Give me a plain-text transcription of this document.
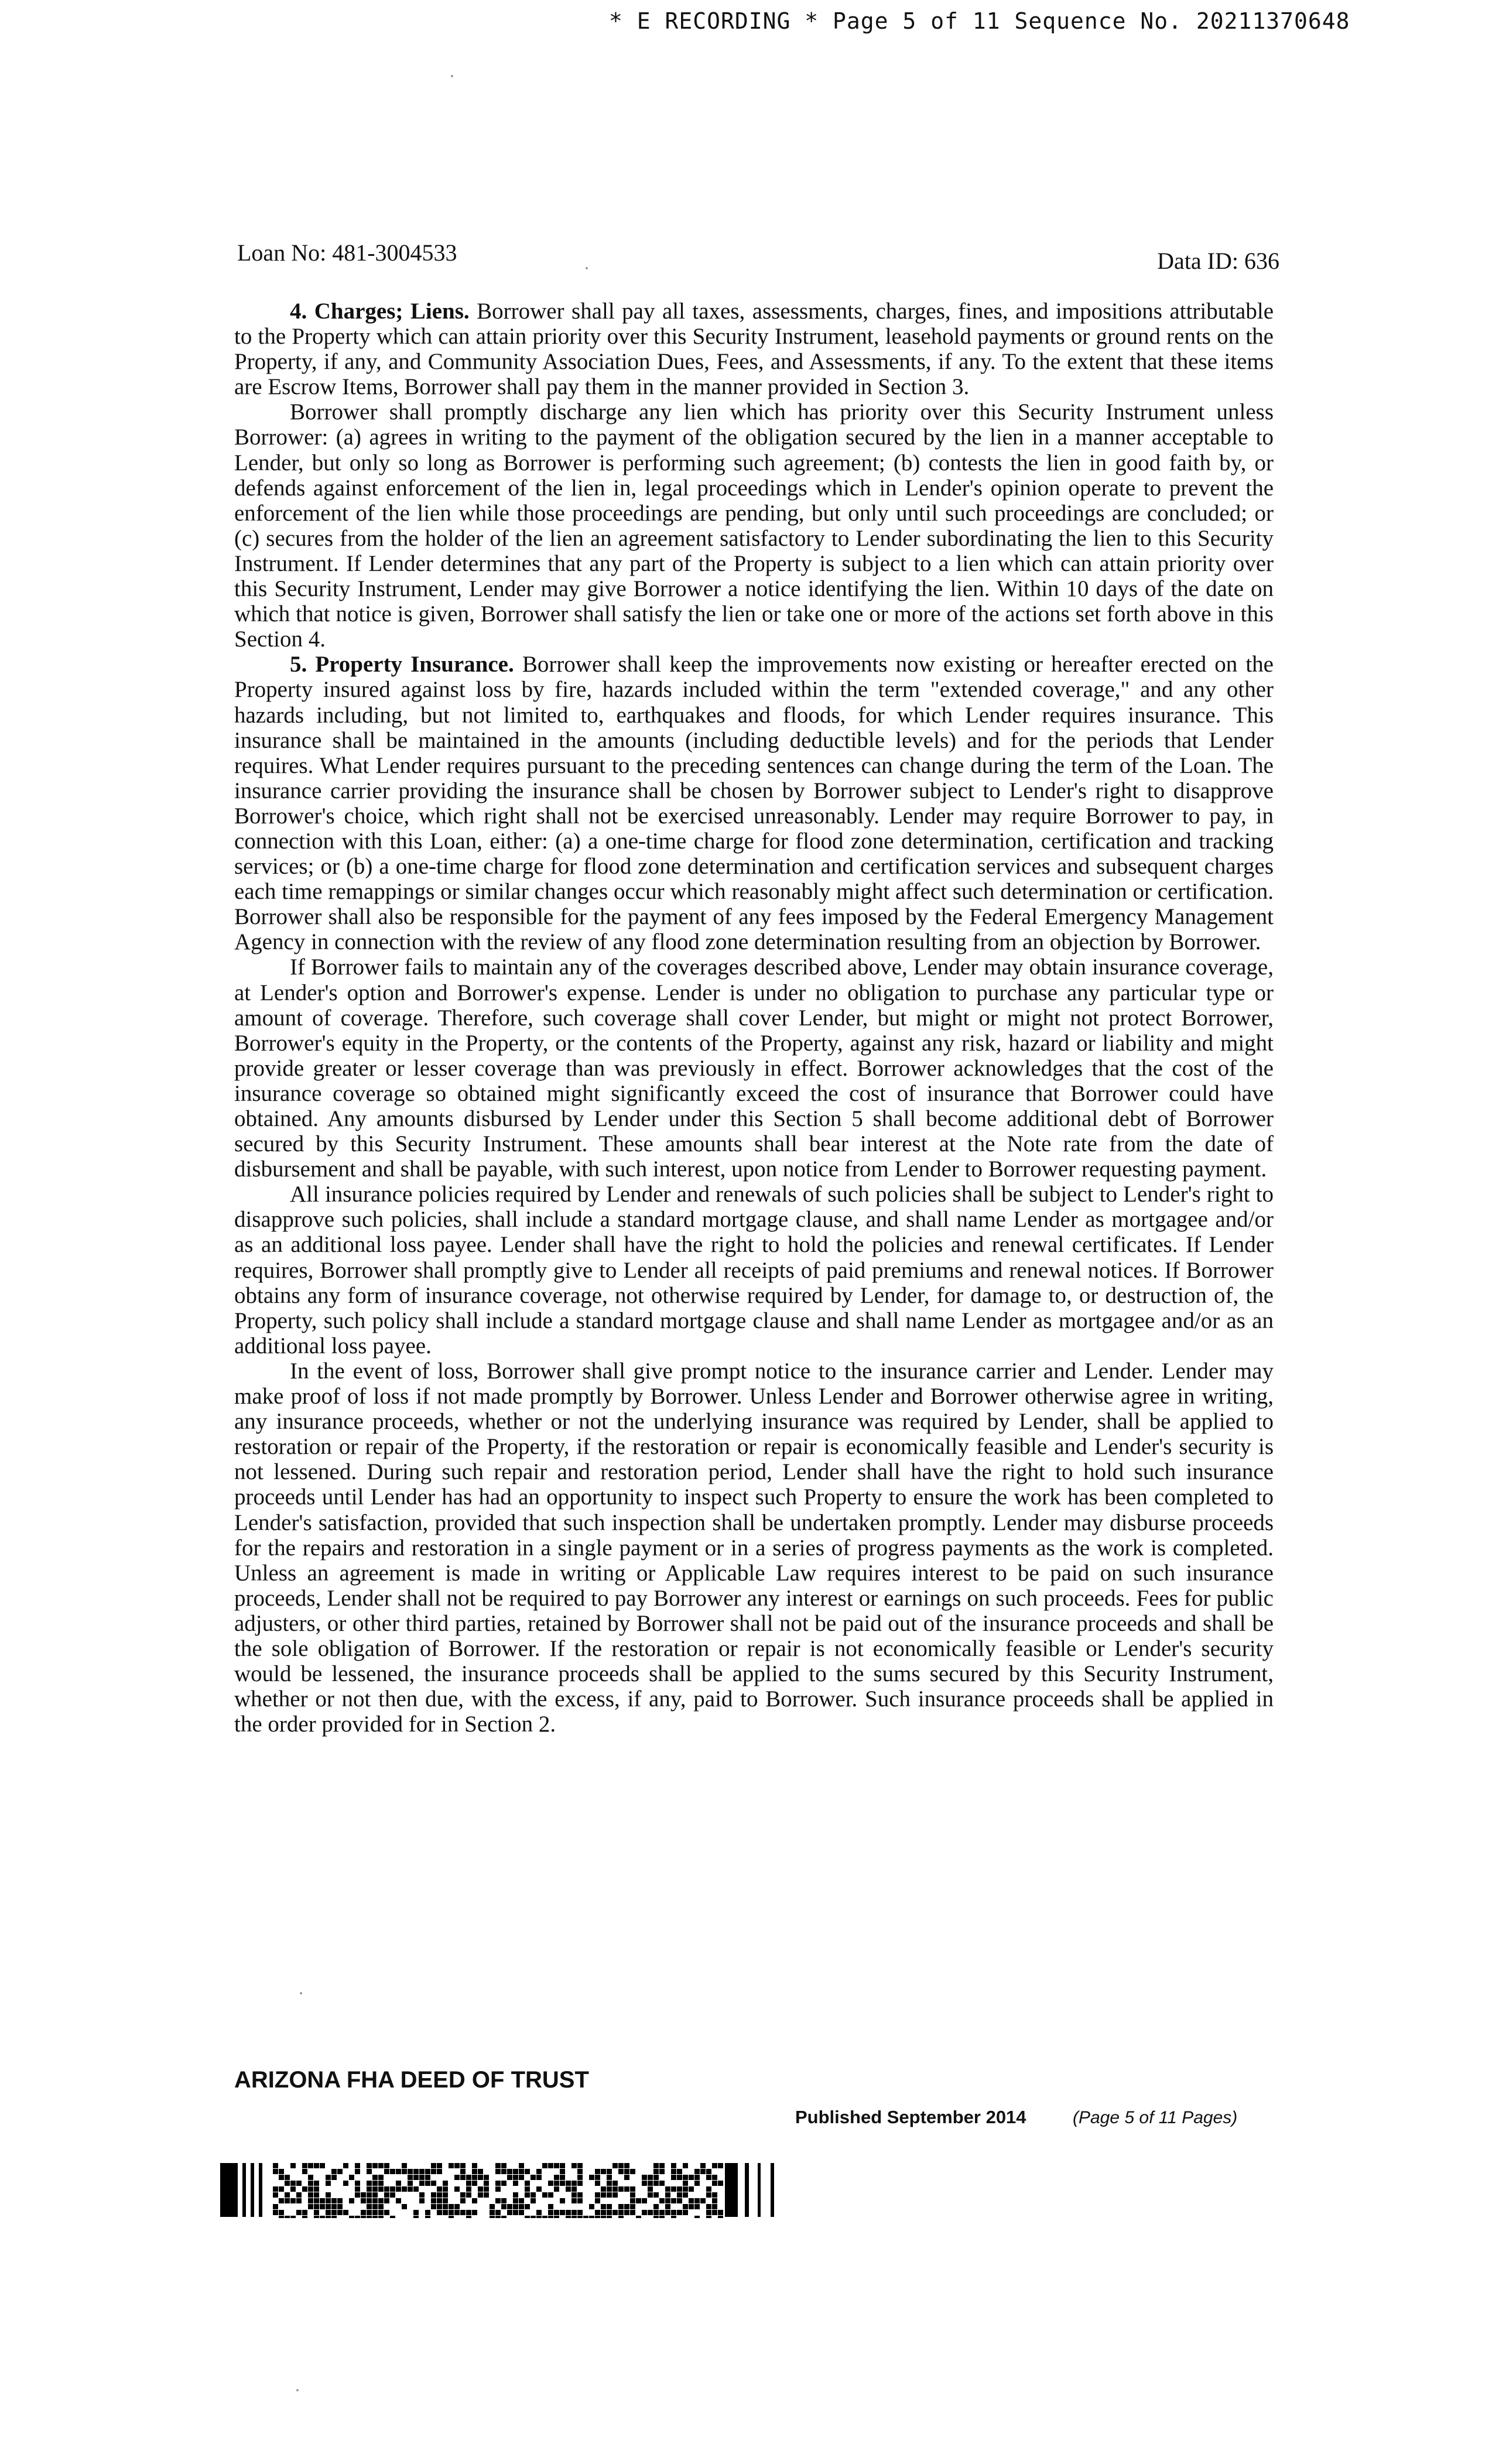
* E RECORDING * Page 5 of 11 Sequence No. 20211370648
Loan No: 481-3004533	Data ID: 636

4. Charges; Liens. Borrower shall pay all taxes, assessments, charges, fines, and impositions attributable to the Property which can attain priority over this Security Instrument, leasehold payments or ground rents on the Property, if any, and Community Association Dues, Fees, and Assessments, if any. To the extent that these items are Escrow Items, Borrower shall pay them in the manner provided in Section 3.

Borrower shall promptly discharge any lien which has priority over this Security Instrument unless Borrower: (a) agrees in writing to the payment of the obligation secured by the lien in a manner acceptable to Lender, but only so long as Borrower is performing such agreement; (b) contests the lien in good faith by, or defends against enforcement of the lien in, legal proceedings which in Lender's opinion operate to prevent the enforcement of the lien while those proceedings are pending, but only until such proceedings are concluded; or (c) secures from the holder of the lien an agreement satisfactory to Lender subordinating the lien to this Security Instrument. If Lender determines that any part of the Property is subject to a lien which can attain priority over this Security Instrument, Lender may give Borrower a notice identifying the lien. Within 10 days of the date on which that notice is given, Borrower shall satisfy the lien or take one or more of the actions set forth above in this Section 4.

5. Property Insurance. Borrower shall keep the improvements now existing or hereafter erected on the Property insured against loss by fire, hazards included within the term "extended coverage," and any other hazards including, but not limited to, earthquakes and floods, for which Lender requires insurance. This insurance shall be maintained in the amounts (including deductible levels) and for the periods that Lender requires. What Lender requires pursuant to the preceding sentences can change during the term of the Loan. The insurance carrier providing the insurance shall be chosen by Borrower subject to Lender's right to disapprove Borrower's choice, which right shall not be exercised unreasonably. Lender may require Borrower to pay, in connection with this Loan, either: (a) a one-time charge for flood zone determination, certification and tracking services; or (b) a one-time charge for flood zone determination and certification services and subsequent charges each time remappings or similar changes occur which reasonably might affect such determination or certification. Borrower shall also be responsible for the payment of any fees imposed by the Federal Emergency Management Agency in connection with the review of any flood zone determination resulting from an objection by Borrower.

If Borrower fails to maintain any of the coverages described above, Lender may obtain insurance coverage, at Lender's option and Borrower's expense. Lender is under no obligation to purchase any particular type or amount of coverage. Therefore, such coverage shall cover Lender, but might or might not protect Borrower, Borrower's equity in the Property, or the contents of the Property, against any risk, hazard or liability and might provide greater or lesser coverage than was previously in effect. Borrower acknowledges that the cost of the insurance coverage so obtained might significantly exceed the cost of insurance that Borrower could have obtained. Any amounts disbursed by Lender under this Section 5 shall become additional debt of Borrower secured by this Security Instrument. These amounts shall bear interest at the Note rate from the date of disbursement and shall be payable, with such interest, upon notice from Lender to Borrower requesting payment.

All insurance policies required by Lender and renewals of such policies shall be subject to Lender's right to disapprove such policies, shall include a standard mortgage clause, and shall name Lender as mortgagee and/or as an additional loss payee. Lender shall have the right to hold the policies and renewal certificates. If Lender requires, Borrower shall promptly give to Lender all receipts of paid premiums and renewal notices. If Borrower obtains any form of insurance coverage, not otherwise required by Lender, for damage to, or destruction of, the Property, such policy shall include a standard mortgage clause and shall name Lender as mortgagee and/or as an additional loss payee.

In the event of loss, Borrower shall give prompt notice to the insurance carrier and Lender. Lender may make proof of loss if not made promptly by Borrower. Unless Lender and Borrower otherwise agree in writing, any insurance proceeds, whether or not the underlying insurance was required by Lender, shall be applied to restoration or repair of the Property, if the restoration or repair is economically feasible and Lender's security is not lessened. During such repair and restoration period, Lender shall have the right to hold such insurance proceeds until Lender has had an opportunity to inspect such Property to ensure the work has been completed to Lender's satisfaction, provided that such inspection shall be undertaken promptly. Lender may disburse proceeds for the repairs and restoration in a single payment or in a series of progress payments as the work is completed. Unless an agreement is made in writing or Applicable Law requires interest to be paid on such insurance proceeds, Lender shall not be required to pay Borrower any interest or earnings on such proceeds. Fees for public adjusters, or other third parties, retained by Borrower shall not be paid out of the insurance proceeds and shall be the sole obligation of Borrower. If the restoration or repair is not economically feasible or Lender's security would be lessened, the insurance proceeds shall be applied to the sums secured by this Security Instrument, whether or not then due, with the excess, if any, paid to Borrower. Such insurance proceeds shall be applied in the order provided for in Section 2.

ARIZONA FHA DEED OF TRUST
Published September 2014	(Page 5 of 11 Pages)
